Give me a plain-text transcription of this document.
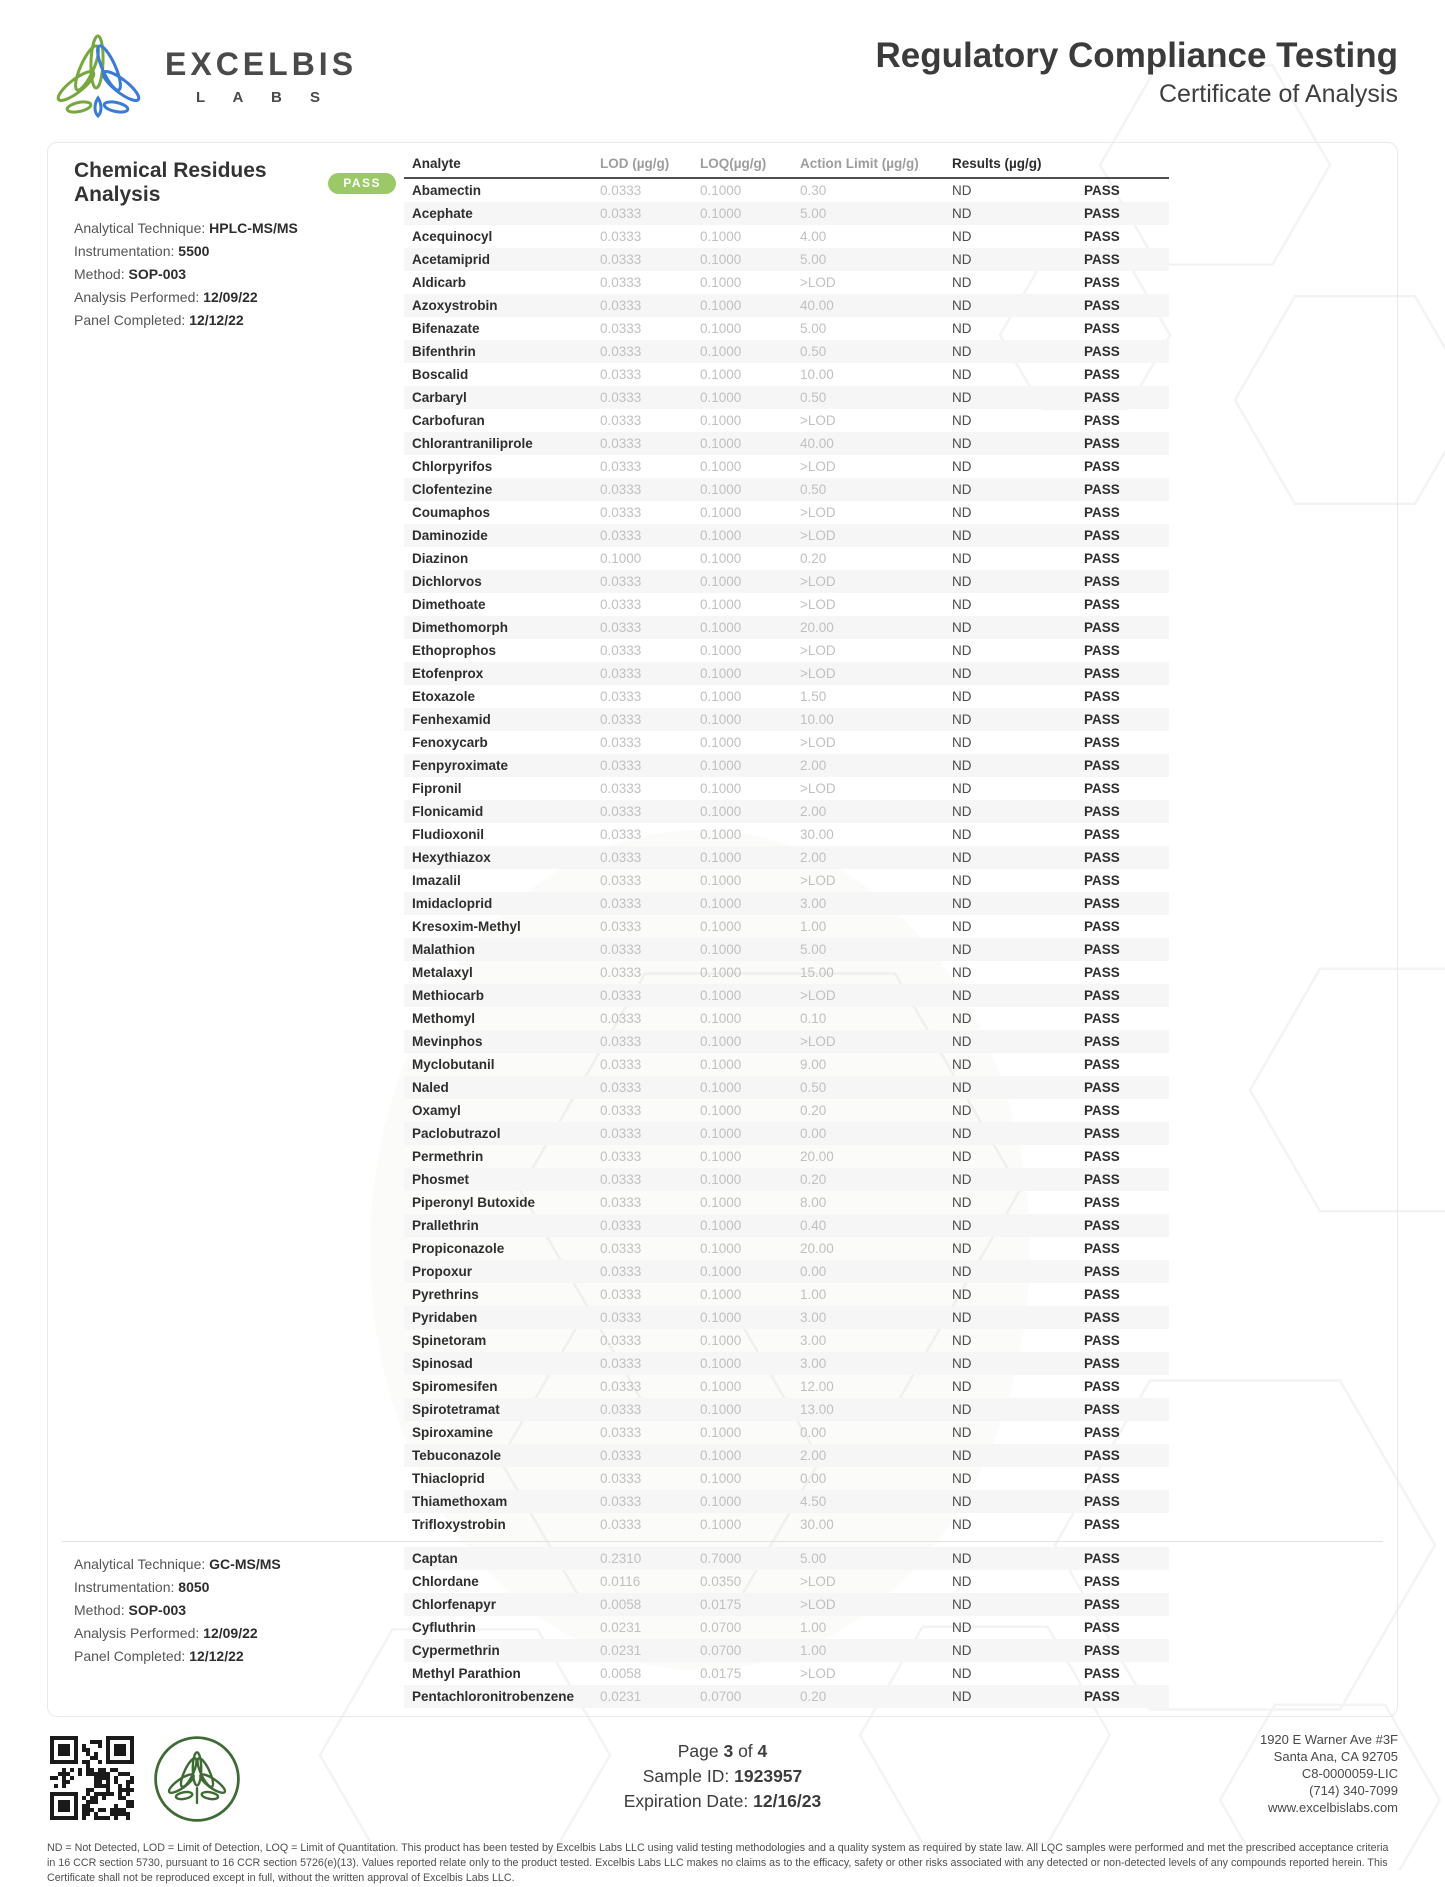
EXCELBIS
L A B S
Regulatory Compliance Testing
Certificate of Analysis
Chemical Residues Analysis
PASS
Analytical Technique: HPLC-MS/MS
Instrumentation: 5500
Method: SOP-003
Analysis Performed: 12/09/22
Panel Completed: 12/12/22
Analyte	LOD (µg/g)	LOQ(µg/g)	Action Limit (µg/g)	Results (µg/g)	
Abamectin	0.0333	0.1000	0.30	ND	PASS
Acephate	0.0333	0.1000	5.00	ND	PASS
Acequinocyl	0.0333	0.1000	4.00	ND	PASS
Acetamiprid	0.0333	0.1000	5.00	ND	PASS
Aldicarb	0.0333	0.1000	>LOD	ND	PASS
Azoxystrobin	0.0333	0.1000	40.00	ND	PASS
Bifenazate	0.0333	0.1000	5.00	ND	PASS
Bifenthrin	0.0333	0.1000	0.50	ND	PASS
Boscalid	0.0333	0.1000	10.00	ND	PASS
Carbaryl	0.0333	0.1000	0.50	ND	PASS
Carbofuran	0.0333	0.1000	>LOD	ND	PASS
Chlorantraniliprole	0.0333	0.1000	40.00	ND	PASS
Chlorpyrifos	0.0333	0.1000	>LOD	ND	PASS
Clofentezine	0.0333	0.1000	0.50	ND	PASS
Coumaphos	0.0333	0.1000	>LOD	ND	PASS
Daminozide	0.0333	0.1000	>LOD	ND	PASS
Diazinon	0.1000	0.1000	0.20	ND	PASS
Dichlorvos	0.0333	0.1000	>LOD	ND	PASS
Dimethoate	0.0333	0.1000	>LOD	ND	PASS
Dimethomorph	0.0333	0.1000	20.00	ND	PASS
Ethoprophos	0.0333	0.1000	>LOD	ND	PASS
Etofenprox	0.0333	0.1000	>LOD	ND	PASS
Etoxazole	0.0333	0.1000	1.50	ND	PASS
Fenhexamid	0.0333	0.1000	10.00	ND	PASS
Fenoxycarb	0.0333	0.1000	>LOD	ND	PASS
Fenpyroximate	0.0333	0.1000	2.00	ND	PASS
Fipronil	0.0333	0.1000	>LOD	ND	PASS
Flonicamid	0.0333	0.1000	2.00	ND	PASS
Fludioxonil	0.0333	0.1000	30.00	ND	PASS
Hexythiazox	0.0333	0.1000	2.00	ND	PASS
Imazalil	0.0333	0.1000	>LOD	ND	PASS
Imidacloprid	0.0333	0.1000	3.00	ND	PASS
Kresoxim-Methyl	0.0333	0.1000	1.00	ND	PASS
Malathion	0.0333	0.1000	5.00	ND	PASS
Metalaxyl	0.0333	0.1000	15.00	ND	PASS
Methiocarb	0.0333	0.1000	>LOD	ND	PASS
Methomyl	0.0333	0.1000	0.10	ND	PASS
Mevinphos	0.0333	0.1000	>LOD	ND	PASS
Myclobutanil	0.0333	0.1000	9.00	ND	PASS
Naled	0.0333	0.1000	0.50	ND	PASS
Oxamyl	0.0333	0.1000	0.20	ND	PASS
Paclobutrazol	0.0333	0.1000	0.00	ND	PASS
Permethrin	0.0333	0.1000	20.00	ND	PASS
Phosmet	0.0333	0.1000	0.20	ND	PASS
Piperonyl Butoxide	0.0333	0.1000	8.00	ND	PASS
Prallethrin	0.0333	0.1000	0.40	ND	PASS
Propiconazole	0.0333	0.1000	20.00	ND	PASS
Propoxur	0.0333	0.1000	0.00	ND	PASS
Pyrethrins	0.0333	0.1000	1.00	ND	PASS
Pyridaben	0.0333	0.1000	3.00	ND	PASS
Spinetoram	0.0333	0.1000	3.00	ND	PASS
Spinosad	0.0333	0.1000	3.00	ND	PASS
Spiromesifen	0.0333	0.1000	12.00	ND	PASS
Spirotetramat	0.0333	0.1000	13.00	ND	PASS
Spiroxamine	0.0333	0.1000	0.00	ND	PASS
Tebuconazole	0.0333	0.1000	2.00	ND	PASS
Thiacloprid	0.0333	0.1000	0.00	ND	PASS
Thiamethoxam	0.0333	0.1000	4.50	ND	PASS
Trifloxystrobin	0.0333	0.1000	30.00	ND	PASS
Analytical Technique: GC-MS/MS
Instrumentation: 8050
Method: SOP-003
Analysis Performed: 12/09/22
Panel Completed: 12/12/22
Captan	0.2310	0.7000	5.00	ND	PASS
Chlordane	0.0116	0.0350	>LOD	ND	PASS
Chlorfenapyr	0.0058	0.0175	>LOD	ND	PASS
Cyfluthrin	0.0231	0.0700	1.00	ND	PASS
Cypermethrin	0.0231	0.0700	1.00	ND	PASS
Methyl Parathion	0.0058	0.0175	>LOD	ND	PASS
Pentachloronitrobenzene	0.0231	0.0700	0.20	ND	PASS
Page 3 of 4
Sample ID: 1923957
Expiration Date: 12/16/23
1920 E Warner Ave #3F
Santa Ana, CA 92705
C8-0000059-LIC
(714) 340-7099
www.excelbislabs.com

ND = Not Detected, LOD = Limit of Detection, LOQ = Limit of Quantitation. This product has been tested by Excelbis Labs LLC using valid testing methodologies and a quality system as required by state law. All LQC samples were performed and met the prescribed acceptance criteria in 16 CCR section 5730, pursuant to 16 CCR section 5726(e)(13). Values reported relate only to the product tested. Excelbis Labs LLC makes no claims as to the efficacy, safety or other risks associated with any detected or non-detected levels of any compounds reported herein. This Certificate shall not be reproduced except in full, without the written approval of Excelbis Labs LLC.
